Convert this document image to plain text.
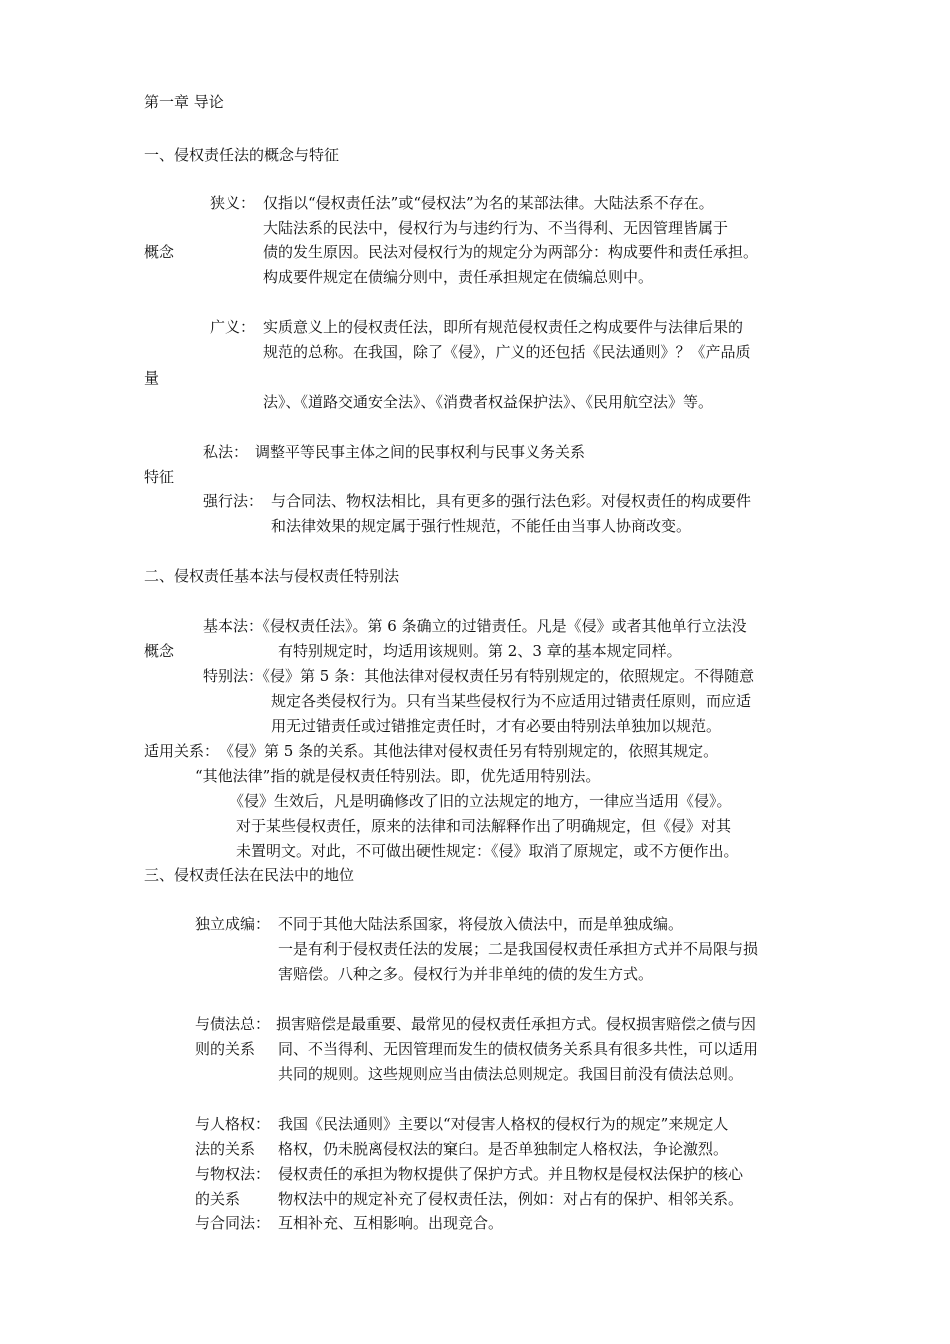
第一章 导论
一、侵权责任法的概念与特征
狭义： 仅指以“侵权责任法”或“侵权法”为名的某部法律。大陆法系不存在。
大陆法系的民法中，侵权行为与违约行为、不当得利、无因管理皆属于
概念	债的发生原因。民法对侵权行为的规定分为两部分：构成要件和责任承担。
构成要件规定在债编分则中，责任承担规定在债编总则中。
广义： 实质意义上的侵权责任法，即所有规范侵权责任之构成要件与法律后果的
规范的总称。在我国，除了《侵》，广义的还包括《民法通则》？《产品质
量
法》、《道路交通安全法》、《消费者权益保护法》、《民用航空法》等。
私法： 调整平等民事主体之间的民事权利与民事义务关系
特征
强行法： 与合同法、物权法相比，具有更多的强行法色彩。对侵权责任的构成要件
和法律效果的规定属于强行性规范，不能任由当事人协商改变。
二、侵权责任基本法与侵权责任特别法
基本法：
《侵权责任法》。第 6 条确立的过错责任。凡是《侵》或者其他单行立法没
概念	有特别规定时，均适用该规则。第 2、3 章的基本规定同样。
特别法：
《侵》第 5 条：其他法律对侵权责任另有特别规定的，依照规定。不得随意
规定各类侵权行为。只有当某些侵权行为不应适用过错责任原则，而应适
用无过错责任或过错推定责任时，才有必要由特别法单独加以规范。
适用关系： 《侵》第 5 条的关系。其他法律对侵权责任另有特别规定的，依照其规定。
“其他法律”指的就是侵权责任特别法。即，优先适用特别法。
《侵》生效后，凡是明确修改了旧的立法规定的地方，一律应当适用《侵》。
对于某些侵权责任，原来的法律和司法解释作出了明确规定，但《侵》对其
未置明文。对此，不可做出硬性规定：《侵》取消了原规定，或不方便作出。
三、侵权责任法在民法中的地位
独立成编： 不同于其他大陆法系国家，将侵放入债法中，而是单独成编。
一是有利于侵权责任法的发展；二是我国侵权责任承担方式并不局限与损
害赔偿。八种之多。侵权行为并非单纯的债的发生方式。
与债法总： 损害赔偿是最重要、最常见的侵权责任承担方式。侵权损害赔偿之债与因
则的关系 同、不当得利、无因管理而发生的债权债务关系具有很多共性，可以适用
共同的规则。这些规则应当由债法总则规定。我国目前没有债法总则。
与人格权： 我国《民法通则》主要以“对侵害人格权的侵权行为的规定”来规定人
法的关系 格权，仍未脱离侵权法的窠臼。是否单独制定人格权法，争论激烈。
与物权法： 侵权责任的承担为物权提供了保护方式。并且物权是侵权法保护的核心
的关系	物权法中的规定补充了侵权责任法，例如：对占有的保护、相邻关系。
与合同法： 互相补充、互相影响。出现竞合。
